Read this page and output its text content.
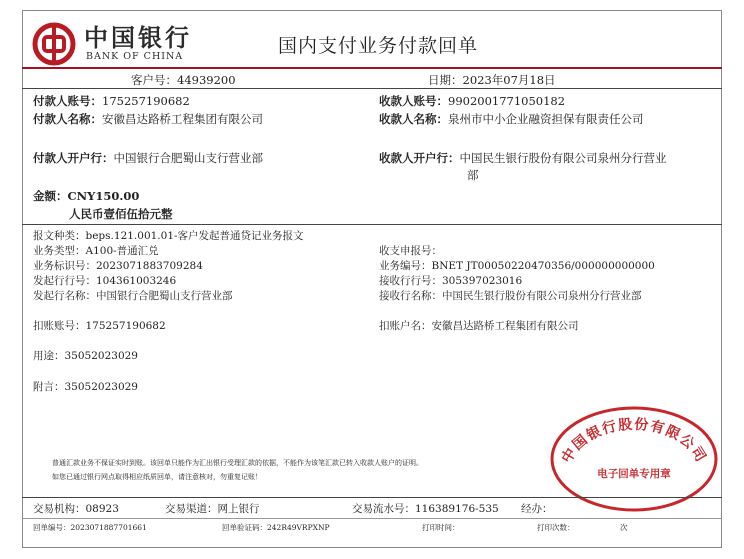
中国银行
BANK OF CHINA	国内支付业务付款回单
客户号：44939200	日期：2023年07月18日
付款人账号：175257190682	收款人账号：9902001771050182
付款人名称：安徽昌达路桥工程集团有限公司	收款人名称：泉州市中小企业融资担保有限责任公司
付款人开户行：中国银行合肥蜀山支行营业部	收款人开户行：中国民生银行股份有限公司泉州分行营业
部
金额：CNY150.00
人民币壹佰伍拾元整
报文种类：beps.121.001.01-客户发起普通贷记业务报文
业务类型：A100-普通汇兑	收支申报号：
业务标识号：2023071883709284	业务编号：BNET JT00050220470356/000000000000
发起行行号：104361003246	接收行行号：305397023016
发起行名称：中国银行合肥蜀山支行营业部	接收行名称：中国民生银行股份有限公司泉州分行营业部
扣账账号：175257190682	扣账户名：安徽昌达路桥工程集团有限公司
用途：35052023029
附言：35052023029
普通汇款业务不保证实时到账。该回单只能作为汇出银行受理汇款的依据，不能作为该笔汇款已转入收款人账户的证明。
如您已通过银行网点取得相应纸质回单，请注意核对，勿重复记账！
中国银行股份有限公司
电子回单专用章
交易机构：08923	交易渠道：网上银行	交易流水号：116389176-535 经办：
回单编号：2023071887701661	回单验证码：242R49VRPXNP	打印时间：	打印次数：	次
